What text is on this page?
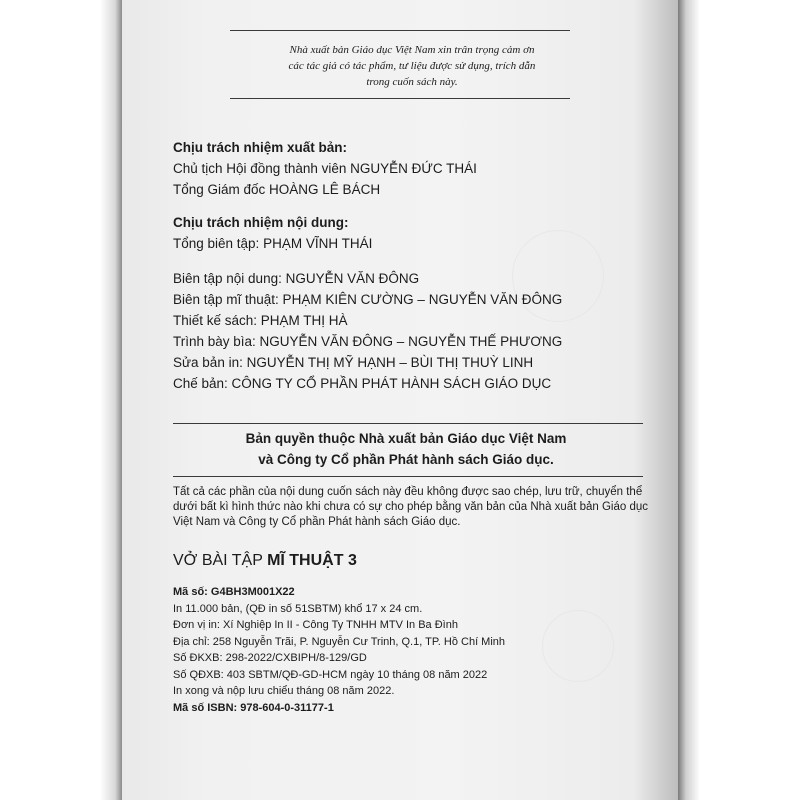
Nhà xuất bản Giáo dục Việt Nam xin trân trọng cảm ơn
các tác giả có tác phẩm, tư liệu được sử dụng, trích dẫn
trong cuốn sách này.
Chịu trách nhiệm xuất bản:
Chủ tịch Hội đồng thành viên NGUYỄN ĐỨC THÁI
Tổng Giám đốc HOÀNG LÊ BÁCH
Chịu trách nhiệm nội dung:
Tổng biên tập: PHẠM VĨNH THÁI
Biên tập nội dung: NGUYỄN VĂN ĐÔNG
Biên tập mĩ thuật: PHẠM KIÊN CƯỜNG – NGUYỄN VĂN ĐÔNG
Thiết kế sách: PHẠM THỊ HÀ
Trình bày bìa: NGUYỄN VĂN ĐÔNG – NGUYỄN THẾ PHƯƠNG
Sửa bản in: NGUYỄN THỊ MỸ HẠNH – BÙI THỊ THUỲ LINH
Chế bản: CÔNG TY CỔ PHẦN PHÁT HÀNH SÁCH GIÁO DỤC
Bản quyền thuộc Nhà xuất bản Giáo dục Việt Nam
và Công ty Cổ phần Phát hành sách Giáo dục.
Tất cả các phần của nội dung cuốn sách này đều không được sao chép, lưu trữ, chuyển thể
dưới bất kì hình thức nào khi chưa có sự cho phép bằng văn bản của Nhà xuất bản Giáo dục
Việt Nam và Công ty Cổ phần Phát hành sách Giáo dục.
VỞ BÀI TẬP MĨ THUẬT 3
Mã số: G4BH3M001X22
In 11.000 bản, (QĐ in số 51SBTM) khổ 17 x 24 cm.
Đơn vị in: Xí Nghiệp In II - Công Ty TNHH MTV In Ba Đình
Địa chỉ: 258 Nguyễn Trãi, P. Nguyễn Cư Trinh, Q.1, TP. Hồ Chí Minh
Số ĐKXB: 298-2022/CXBIPH/8-129/GD
Số QĐXB: 403 SBTM/QĐ-GD-HCM ngày 10 tháng 08 năm 2022
In xong và nộp lưu chiểu tháng 08 năm 2022.
Mã số ISBN: 978-604-0-31177-1
